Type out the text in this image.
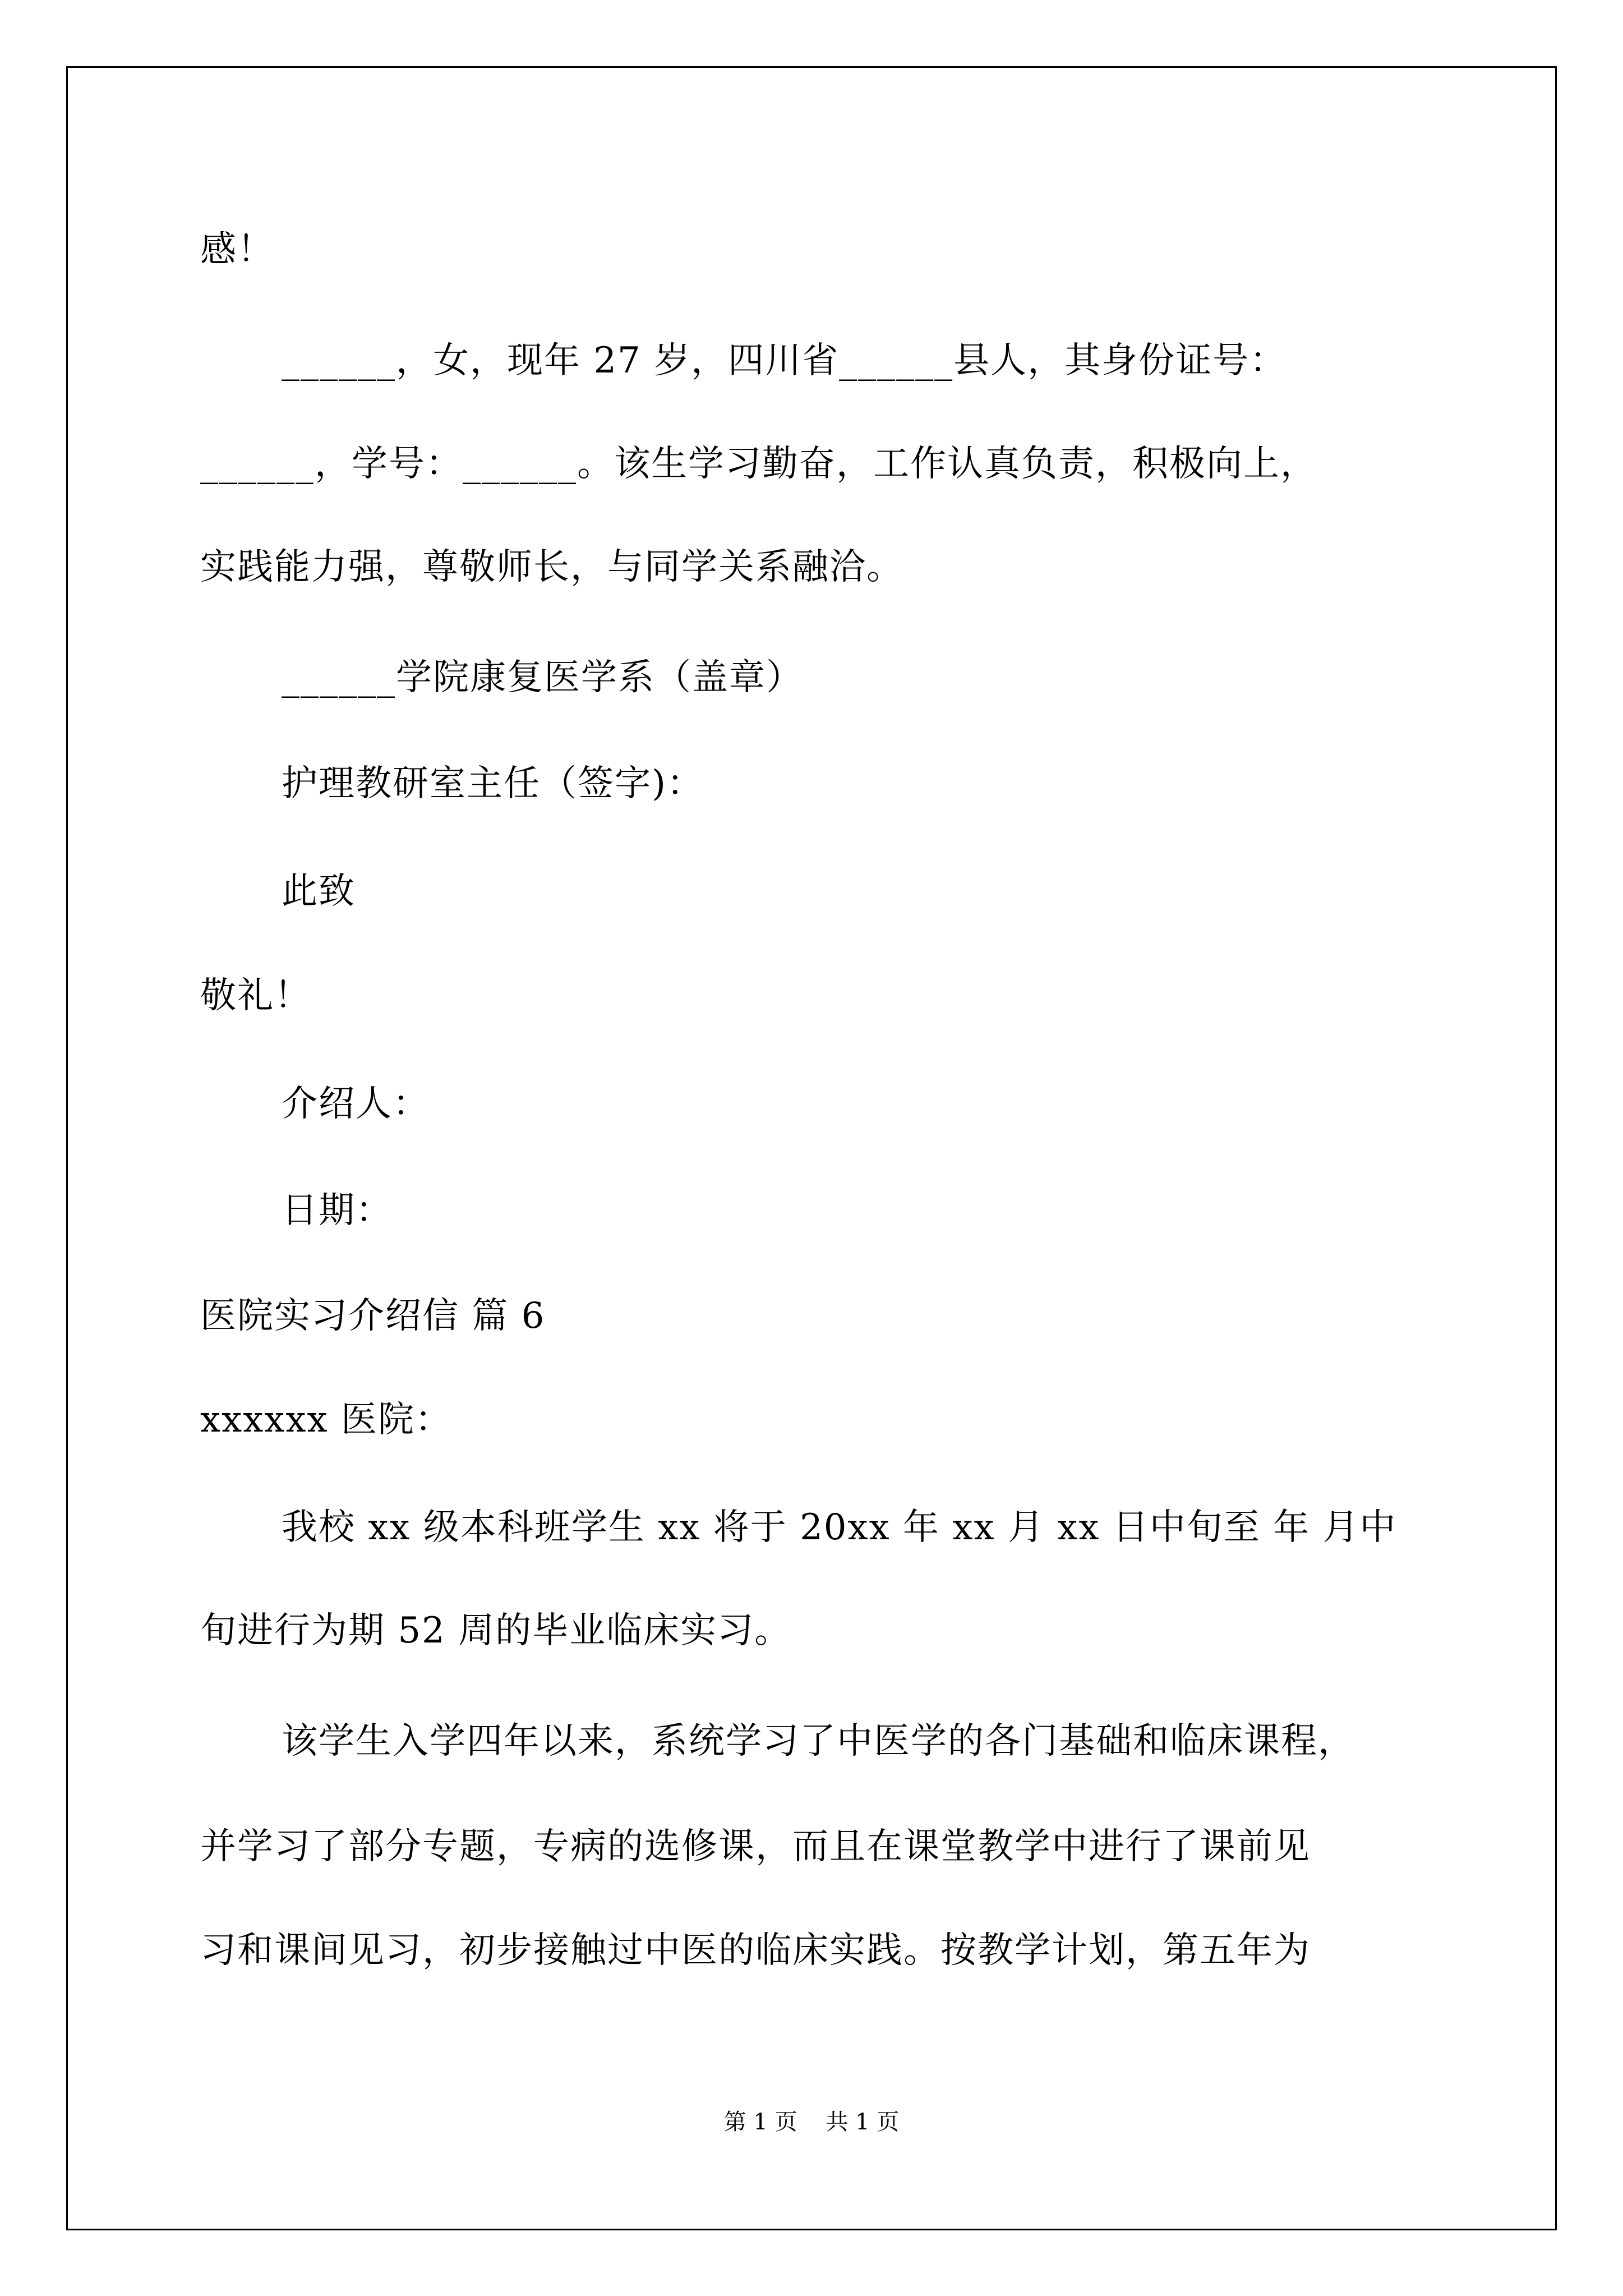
感！
______，女，现年 27 岁，四川省______县人，其身份证号：
______，学号：______。该生学习勤奋，工作认真负责，积极向上，
实践能力强，尊敬师长，与同学关系融洽。
______学院康复医学系（盖章）
护理教研室主任（签字)：
此致
敬礼！
介绍人：
日期：
医院实习介绍信 篇 6
xxxxxx 医院：
我校 xx 级本科班学生 xx 将于 20xx 年 xx 月 xx 日中旬至 年 月中
旬进行为期 52 周的毕业临床实习。
该学生入学四年以来，系统学习了中医学的各门基础和临床课程，
并学习了部分专题，专病的选修课，而且在课堂教学中进行了课前见
习和课间见习，初步接触过中医的临床实践。按教学计划，第五年为
第 1 页    共 1 页
